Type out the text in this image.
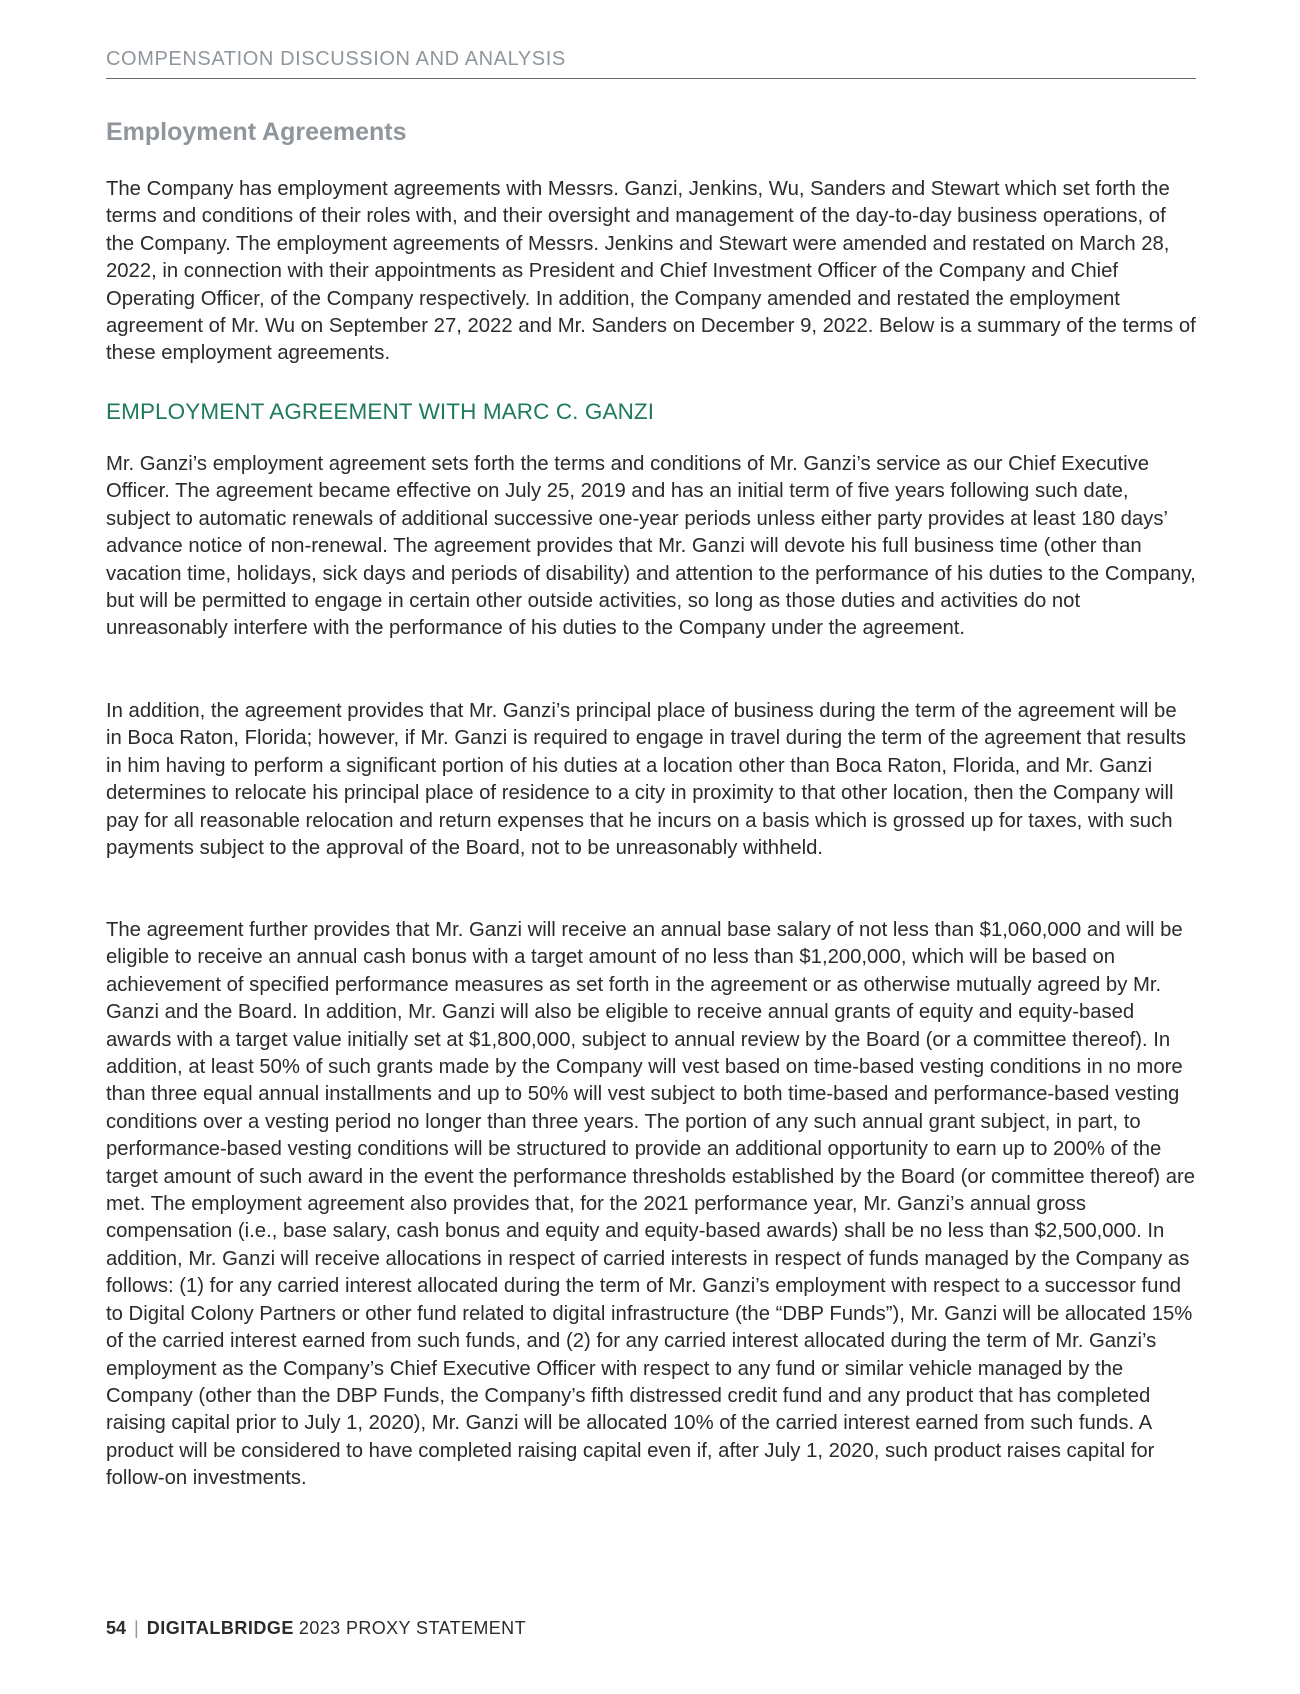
COMPENSATION DISCUSSION AND ANALYSIS
Employment Agreements

The Company has employment agreements with Messrs. Ganzi, Jenkins, Wu, Sanders and Stewart which set forth the terms and conditions of their roles with, and their oversight and management of the day-to-day business operations, of the Company. The employment agreements of Messrs. Jenkins and Stewart were amended and restated on March 28, 2022, in connection with their appointments as President and Chief Investment Officer of the Company and Chief Operating Officer, of the Company respectively. In addition, the Company amended and restated the employment agreement of Mr. Wu on September 27, 2022 and Mr. Sanders on December 9, 2022. Below is a summary of the terms of these employment agreements.

EMPLOYMENT AGREEMENT WITH MARC C. GANZI

Mr. Ganzi’s employment agreement sets forth the terms and conditions of Mr. Ganzi’s service as our Chief Executive Officer. The agreement became effective on July 25, 2019 and has an initial term of five years following such date, subject to automatic renewals of additional successive one-year periods unless either party provides at least 180 days’ advance notice of non-renewal. The agreement provides that Mr. Ganzi will devote his full business time (other than vacation time, holidays, sick days and periods of disability) and attention to the performance of his duties to the Company, but will be permitted to engage in certain other outside activities, so long as those duties and activities do not unreasonably interfere with the performance of his duties to the Company under the agreement.

In addition, the agreement provides that Mr. Ganzi’s principal place of business during the term of the agreement will be in Boca Raton, Florida; however, if Mr. Ganzi is required to engage in travel during the term of the agreement that results in him having to perform a significant portion of his duties at a location other than Boca Raton, Florida, and Mr. Ganzi determines to relocate his principal place of residence to a city in proximity to that other location, then the Company will pay for all reasonable relocation and return expenses that he incurs on a basis which is grossed up for taxes, with such payments subject to the approval of the Board, not to be unreasonably withheld.

The agreement further provides that Mr. Ganzi will receive an annual base salary of not less than $1,060,000 and will be eligible to receive an annual cash bonus with a target amount of no less than $1,200,000, which will be based on achievement of specified performance measures as set forth in the agreement or as otherwise mutually agreed by Mr. Ganzi and the Board. In addition, Mr. Ganzi will also be eligible to receive annual grants of equity and equity-based awards with a target value initially set at $1,800,000, subject to annual review by the Board (or a committee thereof). In addition, at least 50% of such grants made by the Company will vest based on time-based vesting conditions in no more than three equal annual installments and up to 50% will vest subject to both time-based and performance-based vesting conditions over a vesting period no longer than three years. The portion of any such annual grant subject, in part, to performance-based vesting conditions will be structured to provide an additional opportunity to earn up to 200% of the target amount of such award in the event the performance thresholds established by the Board (or committee thereof) are met. The employment agreement also provides that, for the 2021 performance year, Mr. Ganzi’s annual gross compensation (i.e., base salary, cash bonus and equity and equity-based awards) shall be no less than $2,500,000. In addition, Mr. Ganzi will receive allocations in respect of carried interests in respect of funds managed by the Company as follows: (1) for any carried interest allocated during the term of Mr. Ganzi’s employment with respect to a successor fund to Digital Colony Partners or other fund related to digital infrastructure (the “DBP Funds”), Mr. Ganzi will be allocated 15% of the carried interest earned from such funds, and (2) for any carried interest allocated during the term of Mr. Ganzi’s employment as the Company’s Chief Executive Officer with respect to any fund or similar vehicle managed by the Company (other than the DBP Funds, the Company’s fifth distressed credit fund and any product that has completed raising capital prior to July 1, 2020), Mr. Ganzi will be allocated 10% of the carried interest earned from such funds. A product will be considered to have completed raising capital even if, after July 1, 2020, such product raises capital for follow-on investments.

54 | DIGITALBRIDGE 2023 PROXY STATEMENT
